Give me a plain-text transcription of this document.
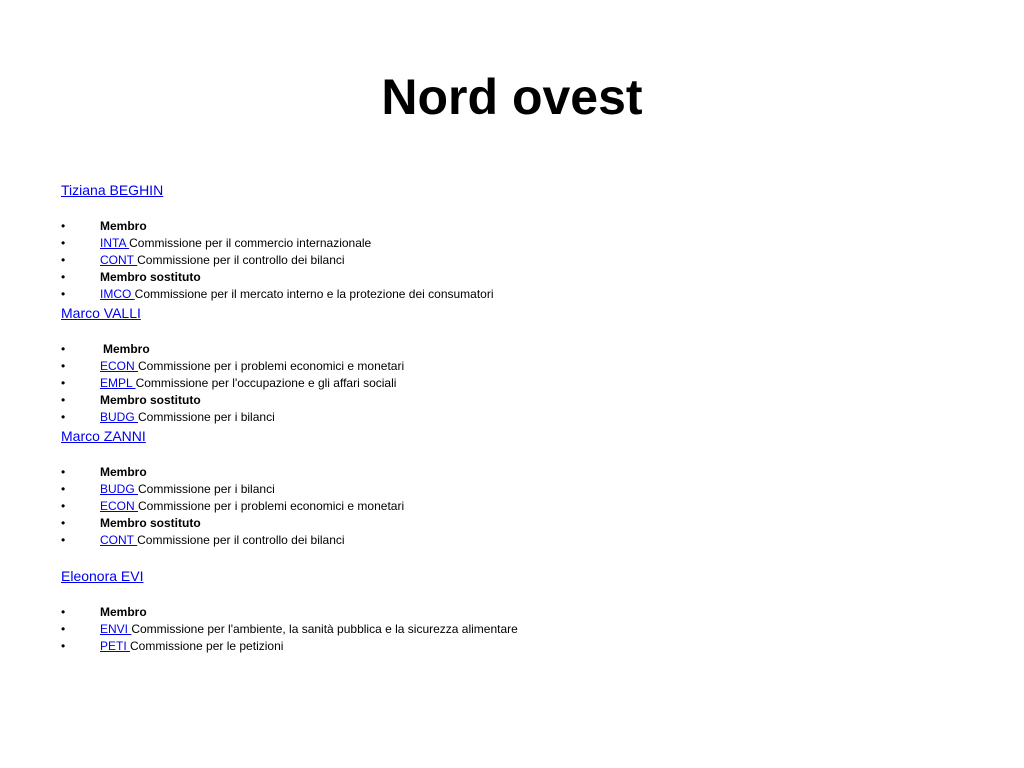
Nord ovest
Tiziana BEGHIN
•	Membro
•	INTA Commissione per il commercio internazionale
•	CONT Commissione per il controllo dei bilanci
•	Membro sostituto
•	IMCO Commissione per il mercato interno e la protezione dei consumatori
Marco VALLI
•	Membro
•	ECON Commissione per i problemi economici e monetari
•	EMPL Commissione per l'occupazione e gli affari sociali
•	Membro sostituto
•	BUDG Commissione per i bilanci
Marco ZANNI
•	Membro
•	BUDG Commissione per i bilanci
•	ECON Commissione per i problemi economici e monetari
•	Membro sostituto
•	CONT Commissione per il controllo dei bilanci
Eleonora EVI
•	Membro
•	ENVI Commissione per l'ambiente, la sanità pubblica e la sicurezza alimentare
•	PETI Commissione per le petizioni
